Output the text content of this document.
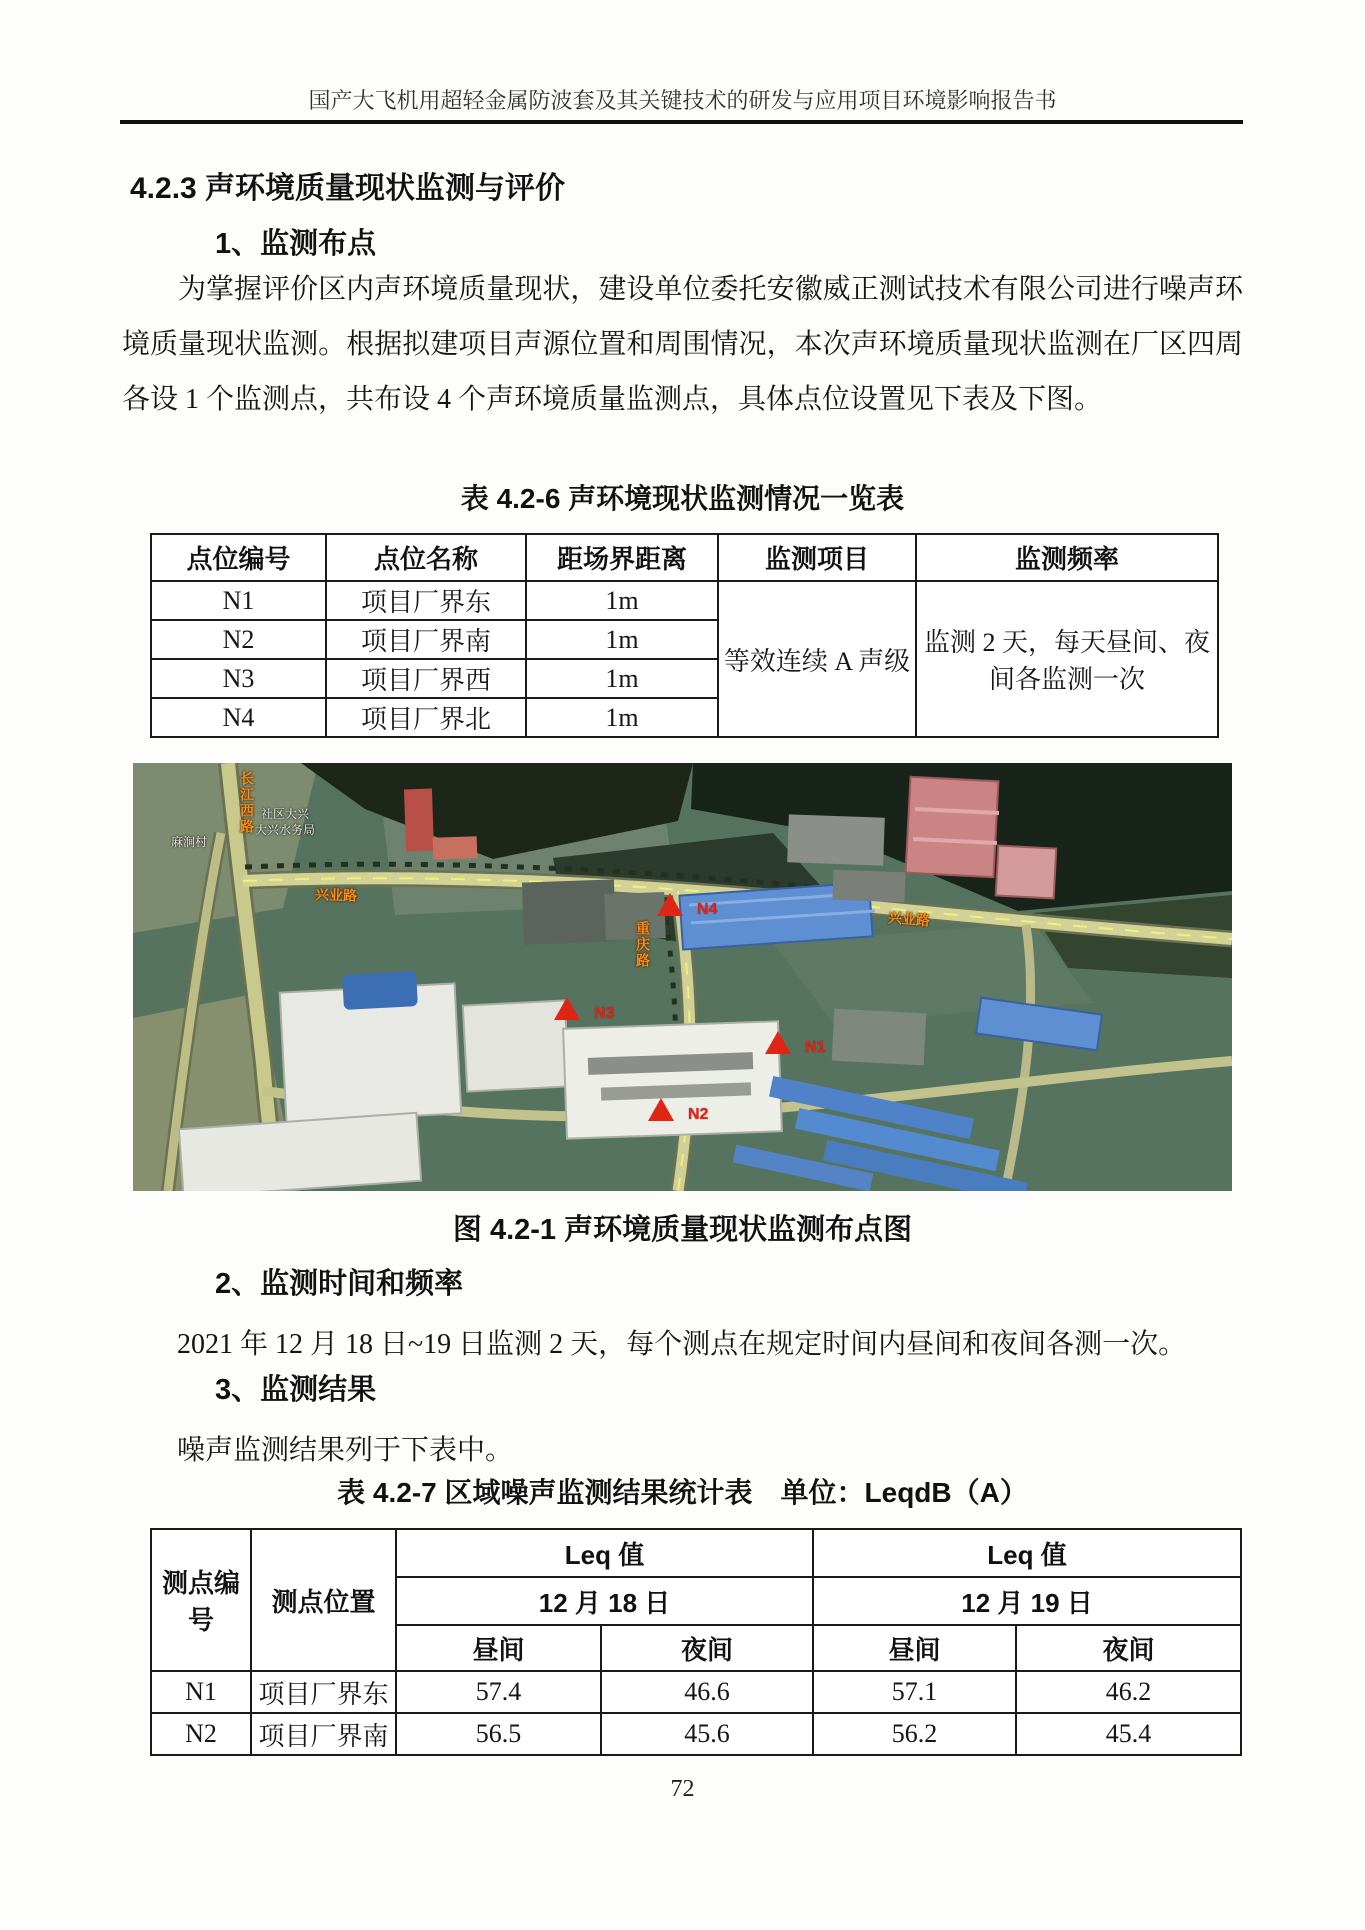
国产大飞机用超轻金属防波套及其关键技术的研发与应用项目环境影响报告书
4.2.3 声环境质量现状监测与评价
1、监测布点
为掌握评价区内声环境质量现状，建设单位委托安徽威正测试技术有限公司进行噪声环境质量现状监测。根据拟建项目声源位置和周围情况，本次声环境质量现状监测在厂区四周各设 1 个监测点，共布设 4 个声环境质量监测点，具体点位设置见下表及下图。
表 4.2-6 声环境现状监测情况一览表
点位编号	点位名称	距场界距离	监测项目	监测频率
N1	项目厂界东	1m	等效连续 A 声级	监测 2 天，每天昼间、夜间各监测一次
N2	项目厂界南	1m		
N3	项目厂界西	1m		
N4	项目厂界北	1m		
长江西路
兴业路
兴业路
重庆路
麻涧村
社区大兴
大兴水务局
N4
N1
N3
N2
图 4.2-1 声环境质量现状监测布点图
2、监测时间和频率
2021 年 12 月 18 日~19 日监测 2 天，每个测点在规定时间内昼间和夜间各测一次。
3、监测结果
噪声监测结果列于下表中。
表 4.2-7 区域噪声监测结果统计表　单位：LeqdB（A）
测点编号	测点位置	Leq 值		Leq 值	
		12 月 18 日		12 月 19 日	
		昼间	夜间	昼间	夜间
N1	项目厂界东	57.4	46.6	57.1	46.2
N2	项目厂界南	56.5	45.6	56.2	45.4
72
